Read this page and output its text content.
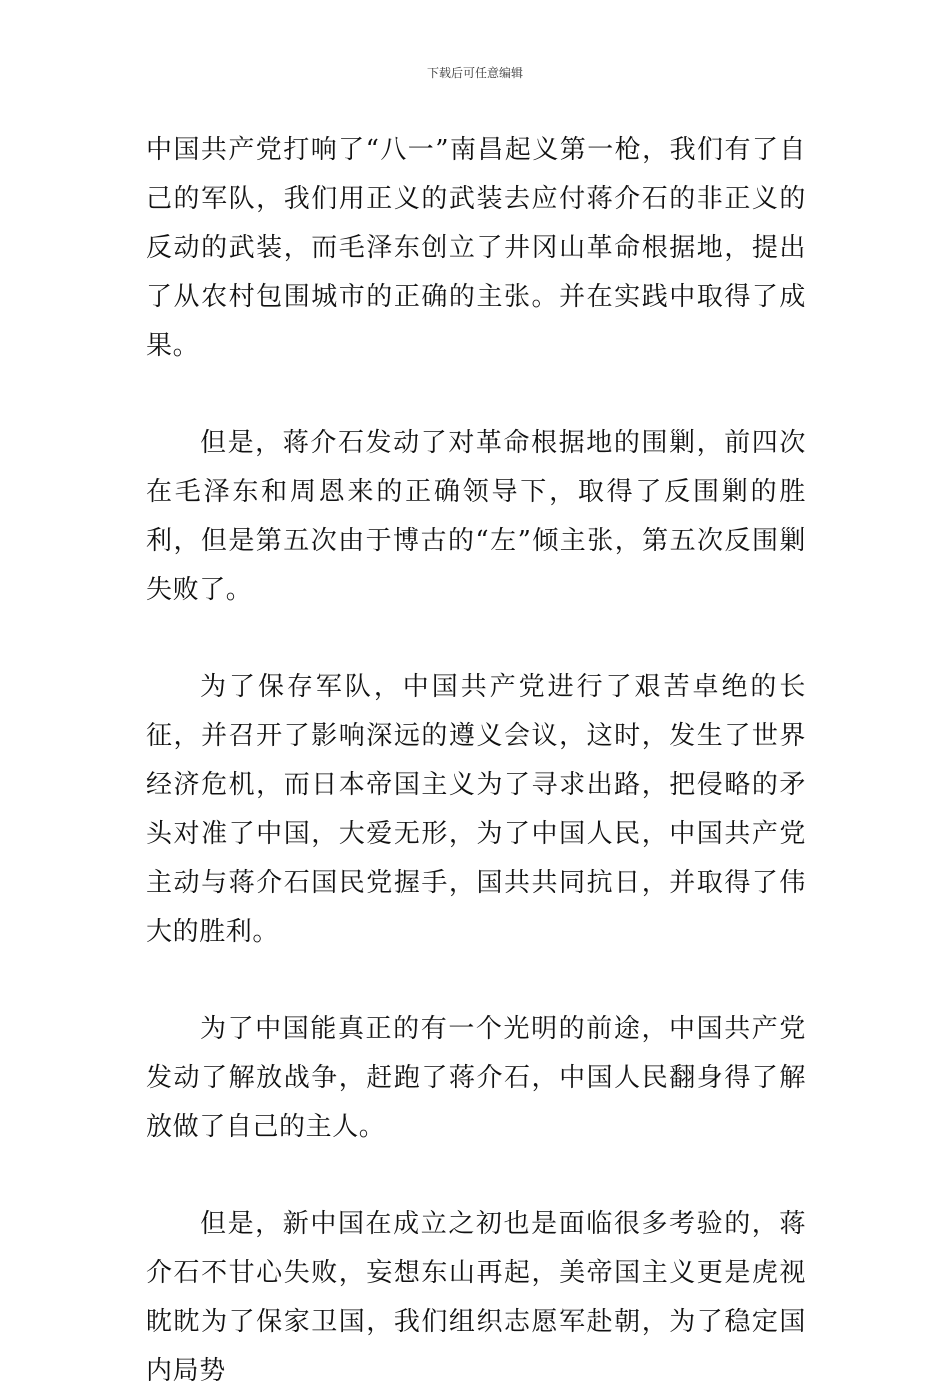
下载后可任意编辑

中国共产党打响了“八一”南昌起义第一枪，我们有了自己的军队，我们用正义的武装去应付蒋介石的非正义的反动的武装，而毛泽东创立了井冈山革命根据地，提出了从农村包围城市的正确的主张。并在实践中取得了成果。

但是，蒋介石发动了对革命根据地的围剿，前四次在毛泽东和周恩来的正确领导下，取得了反围剿的胜利，但是第五次由于博古的“左”倾主张，第五次反围剿失败了。

为了保存军队，中国共产党进行了艰苦卓绝的长征，并召开了影响深远的遵义会议，这时，发生了世界经济危机，而日本帝国主义为了寻求出路，把侵略的矛头对准了中国，大爱无形，为了中国人民，中国共产党主动与蒋介石国民党握手，国共共同抗日，并取得了伟大的胜利。

为了中国能真正的有一个光明的前途，中国共产党发动了解放战争，赶跑了蒋介石，中国人民翻身得了解放做了自己的主人。

但是，新中国在成立之初也是面临很多考验的，蒋介石不甘心失败，妄想东山再起，美帝国主义更是虎视眈眈为了保家卫国，我们组织志愿军赴朝，为了稳定国内局势
